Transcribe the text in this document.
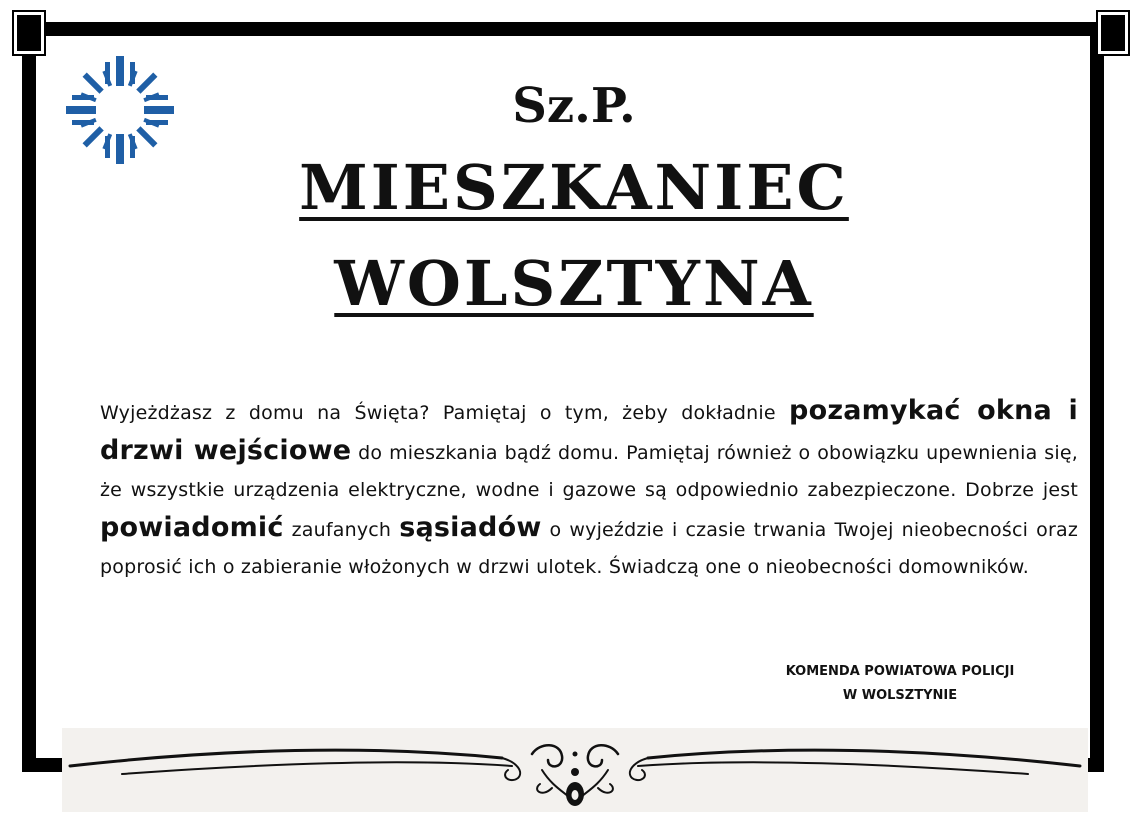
Sz.P.
MIESZKANIEC
WOLSZTYNA
Wyjeżdżasz z domu na Święta? Pamiętaj o tym, żeby dokładnie pozamykać okna i drzwi wejściowe do mieszkania bądź domu. Pamiętaj również o obowiązku upewnienia się, że wszystkie urządzenia elektryczne, wodne i gazowe są odpowiednio zabezpieczone. Dobrze jest powiadomić zaufanych sąsiadów o wyjeździe i czasie trwania Twojej nieobecności oraz poprosić ich o zabieranie włożonych w drzwi ulotek. Świadczą one o nieobecności domowników.
KOMENDA POWIATOWA POLICJI
W WOLSZTYNIE
